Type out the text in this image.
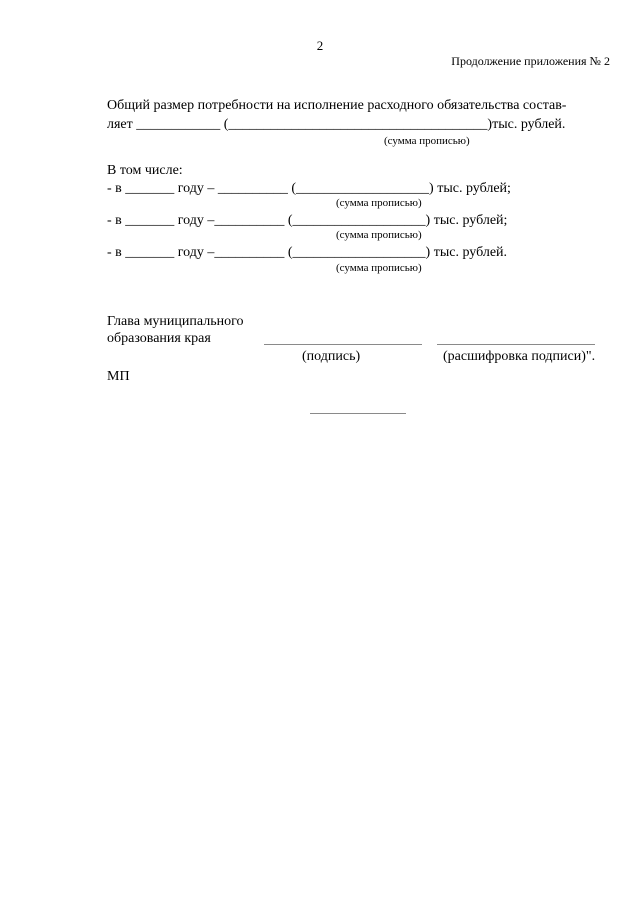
2
Продолжение приложения № 2
Общий размер потребности на исполнение расходного обязательства состав-
ляет ____________ (_____________________________________)тыс. рублей.
(сумма прописью)
В том числе:
- в _______ году – __________ (___________________) тыс. рублей;
(сумма прописью)
- в _______ году –__________ (___________________) тыс. рублей;
(сумма прописью)
- в _______ году –__________ (___________________) тыс. рублей.
(сумма прописью)
Главa муниципального
образования края
(подпись)	(расшифровка подписи)".
МП
